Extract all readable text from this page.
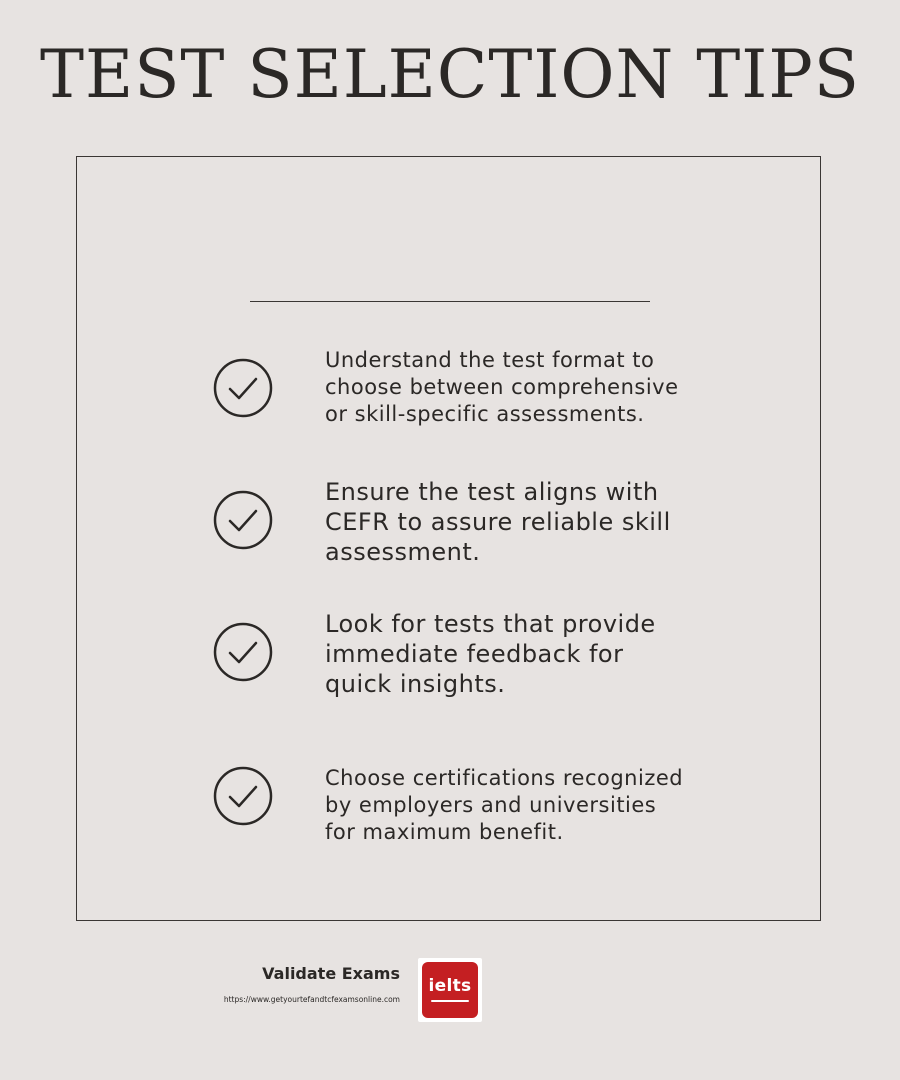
TEST SELECTION TIPS
Understand the test format to
choose between comprehensive
or skill-specific assessments.
Ensure the test aligns with
CEFR to assure reliable skill
assessment.
Look for tests that provide
immediate feedback for
quick insights.
Choose certifications recognized
by employers and universities
for maximum benefit.
Validate Exams
https://www.getyourtefandtcfexamsonline.com
ielts
